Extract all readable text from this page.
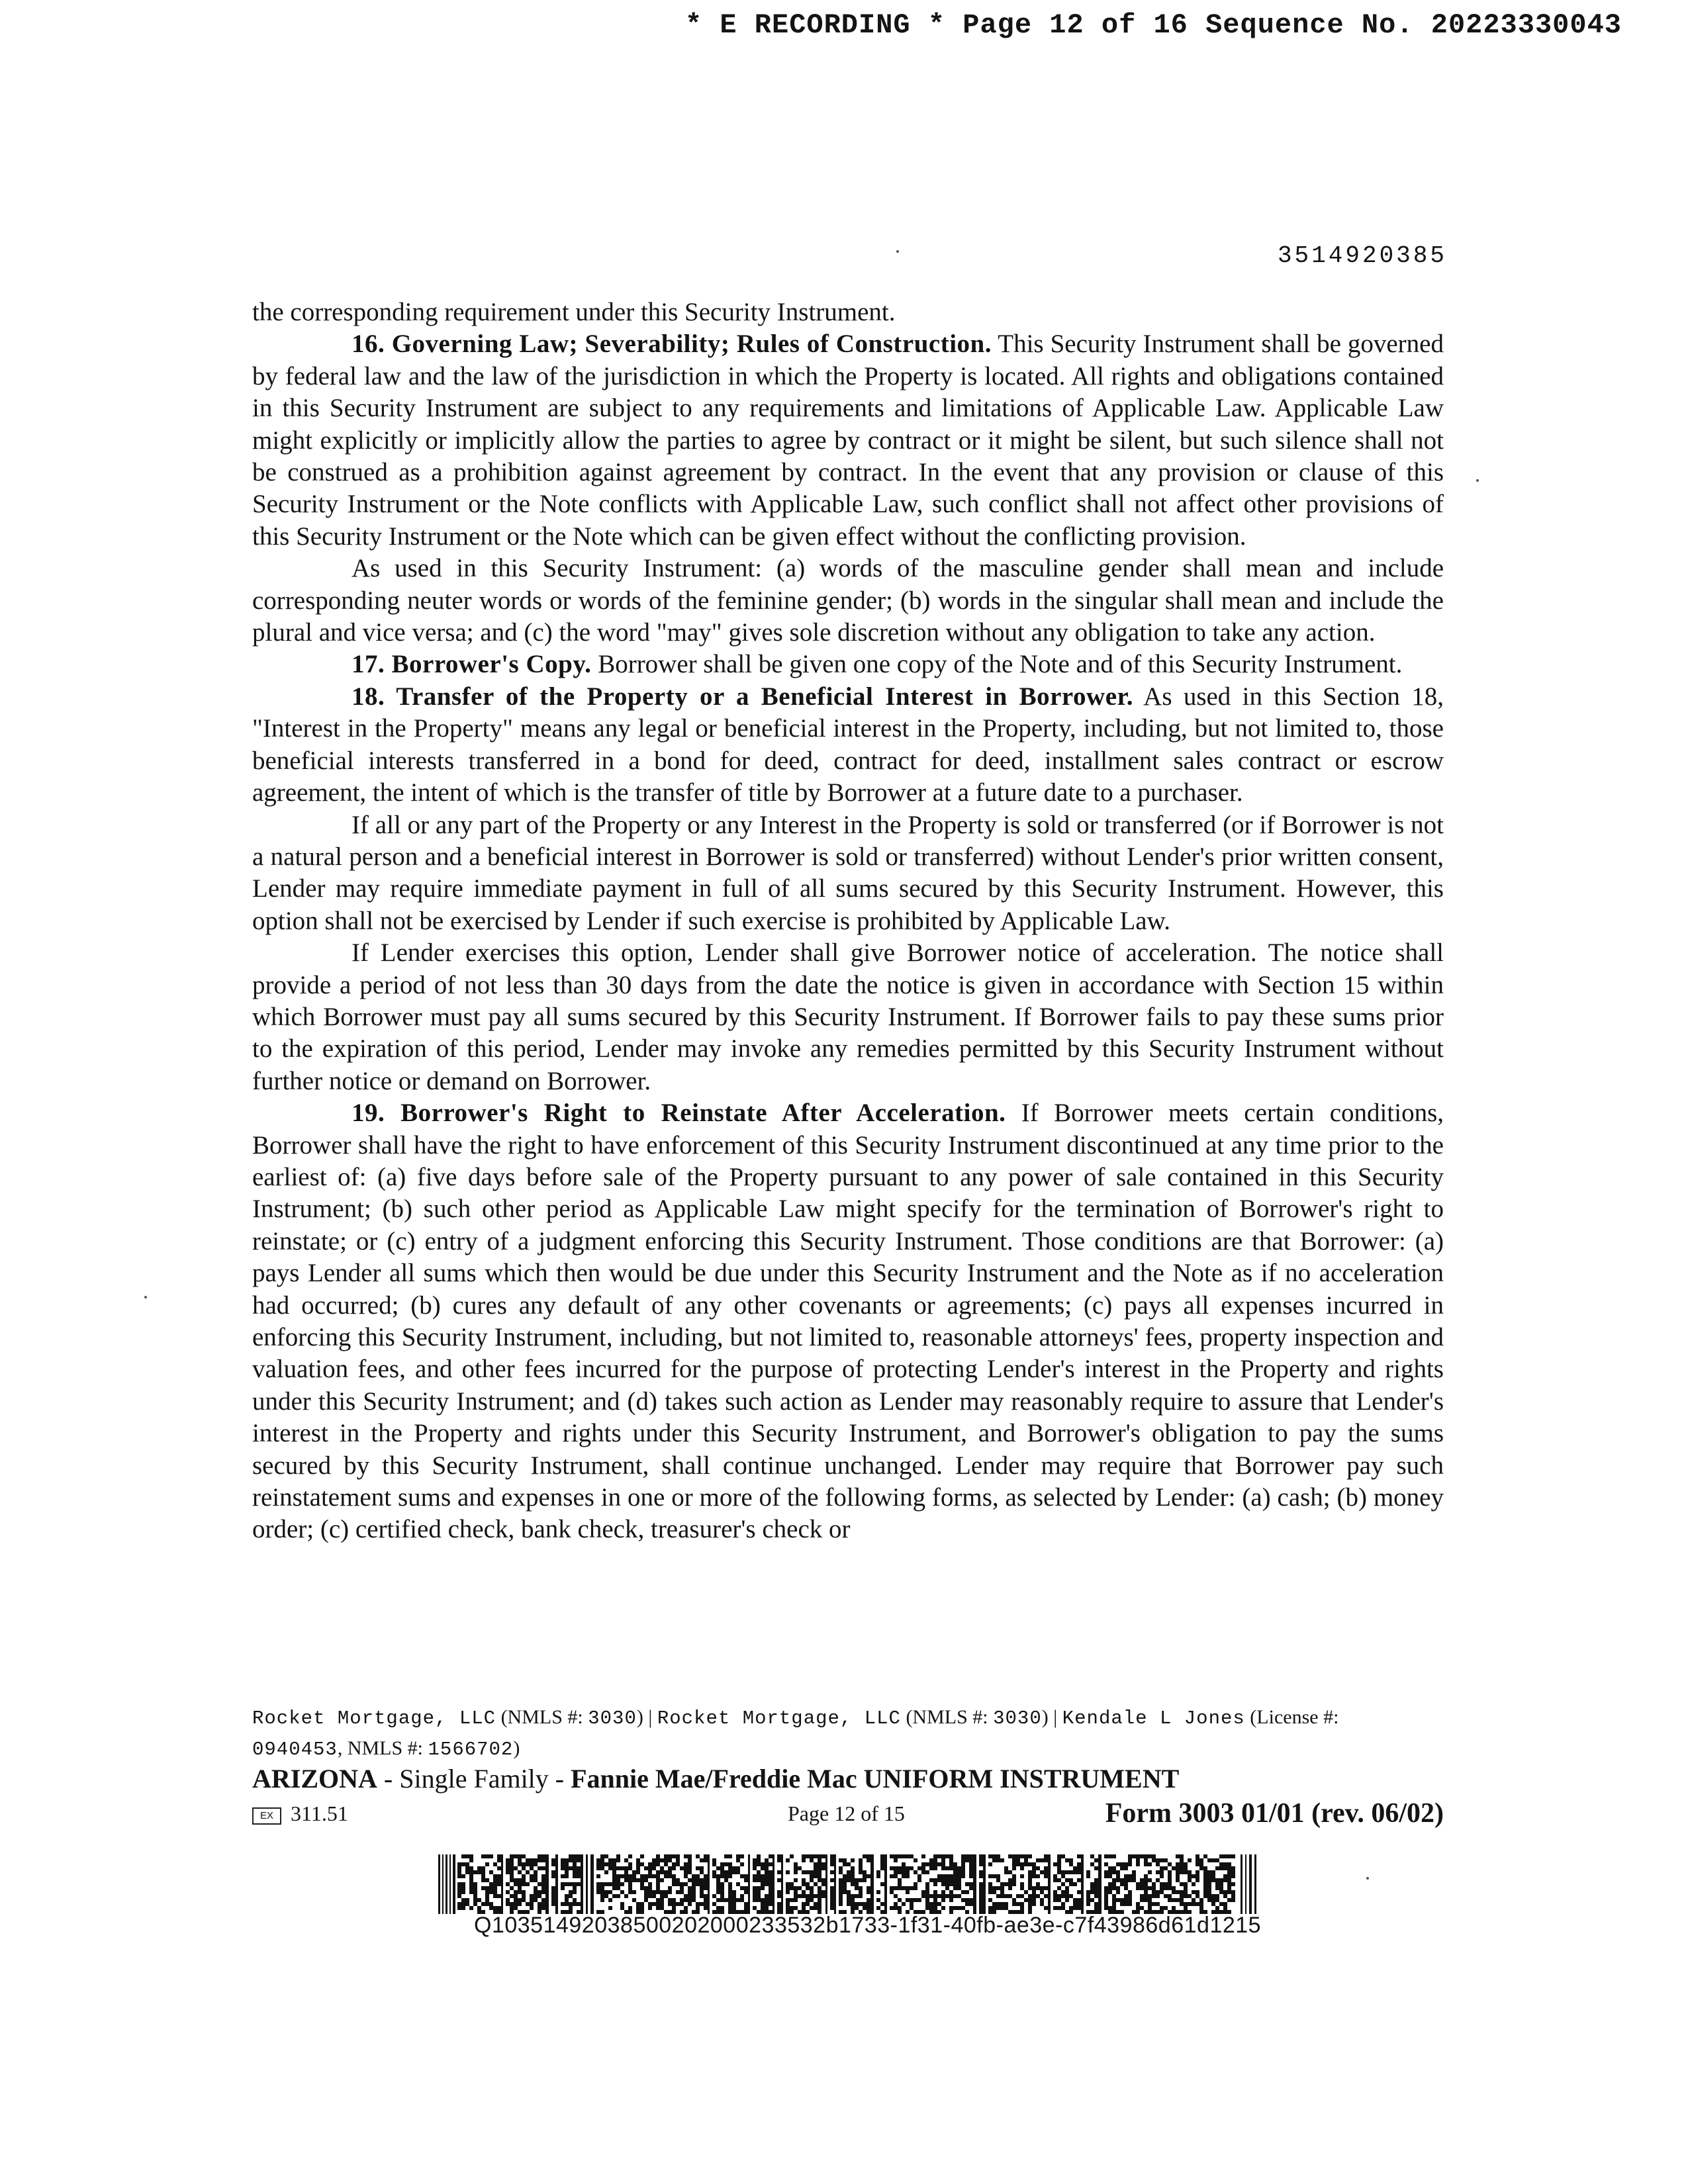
* E RECORDING * Page 12 of 16 Sequence No. 20223330043
3514920385

the corresponding requirement under this Security Instrument.

16. Governing Law; Severability; Rules of Construction. This Security Instrument shall be governed by federal law and the law of the jurisdiction in which the Property is located. All rights and obligations contained in this Security Instrument are subject to any requirements and limitations of Applicable Law. Applicable Law might explicitly or implicitly allow the parties to agree by contract or it might be silent, but such silence shall not be construed as a prohibition against agreement by contract. In the event that any provision or clause of this Security Instrument or the Note conflicts with Applicable Law, such conflict shall not affect other provisions of this Security Instrument or the Note which can be given effect without the conflicting provision.

As used in this Security Instrument: (a) words of the masculine gender shall mean and include corresponding neuter words or words of the feminine gender; (b) words in the singular shall mean and include the plural and vice versa; and (c) the word "may" gives sole discretion without any obligation to take any action.

17. Borrower's Copy. Borrower shall be given one copy of the Note and of this Security Instrument.

18. Transfer of the Property or a Beneficial Interest in Borrower. As used in this Section 18, "Interest in the Property" means any legal or beneficial interest in the Property, including, but not limited to, those beneficial interests transferred in a bond for deed, contract for deed, installment sales contract or escrow agreement, the intent of which is the transfer of title by Borrower at a future date to a purchaser.

If all or any part of the Property or any Interest in the Property is sold or transferred (or if Borrower is not a natural person and a beneficial interest in Borrower is sold or transferred) without Lender's prior written consent, Lender may require immediate payment in full of all sums secured by this Security Instrument. However, this option shall not be exercised by Lender if such exercise is prohibited by Applicable Law.

If Lender exercises this option, Lender shall give Borrower notice of acceleration. The notice shall provide a period of not less than 30 days from the date the notice is given in accordance with Section 15 within which Borrower must pay all sums secured by this Security Instrument. If Borrower fails to pay these sums prior to the expiration of this period, Lender may invoke any remedies permitted by this Security Instrument without further notice or demand on Borrower.

19. Borrower's Right to Reinstate After Acceleration. If Borrower meets certain conditions, Borrower shall have the right to have enforcement of this Security Instrument discontinued at any time prior to the earliest of: (a) five days before sale of the Property pursuant to any power of sale contained in this Security Instrument; (b) such other period as Applicable Law might specify for the termination of Borrower's right to reinstate; or (c) entry of a judgment enforcing this Security Instrument. Those conditions are that Borrower: (a) pays Lender all sums which then would be due under this Security Instrument and the Note as if no acceleration had occurred; (b) cures any default of any other covenants or agreements; (c) pays all expenses incurred in enforcing this Security Instrument, including, but not limited to, reasonable attorneys' fees, property inspection and valuation fees, and other fees incurred for the purpose of protecting Lender's interest in the Property and rights under this Security Instrument; and (d) takes such action as Lender may reasonably require to assure that Lender's interest in the Property and rights under this Security Instrument, and Borrower's obligation to pay the sums secured by this Security Instrument, shall continue unchanged. Lender may require that Borrower pay such reinstatement sums and expenses in one or more of the following forms, as selected by Lender: (a) cash; (b) money order; (c) certified check, bank check, treasurer's check or

Rocket Mortgage, LLC (NMLS #: 3030) | Rocket Mortgage, LLC (NMLS #: 3030) | Kendale L Jones (License #:
0940453, NMLS #: 1566702)
ARIZONA - Single Family - Fannie Mae/Freddie Mac UNIFORM INSTRUMENT
EX 311.51	Page 12 of 15	Form 3003 01/01 (rev. 06/02)
Q10351492038500202000233532b1733-1f31-40fb-ae3e-c7f43986d61d1215
